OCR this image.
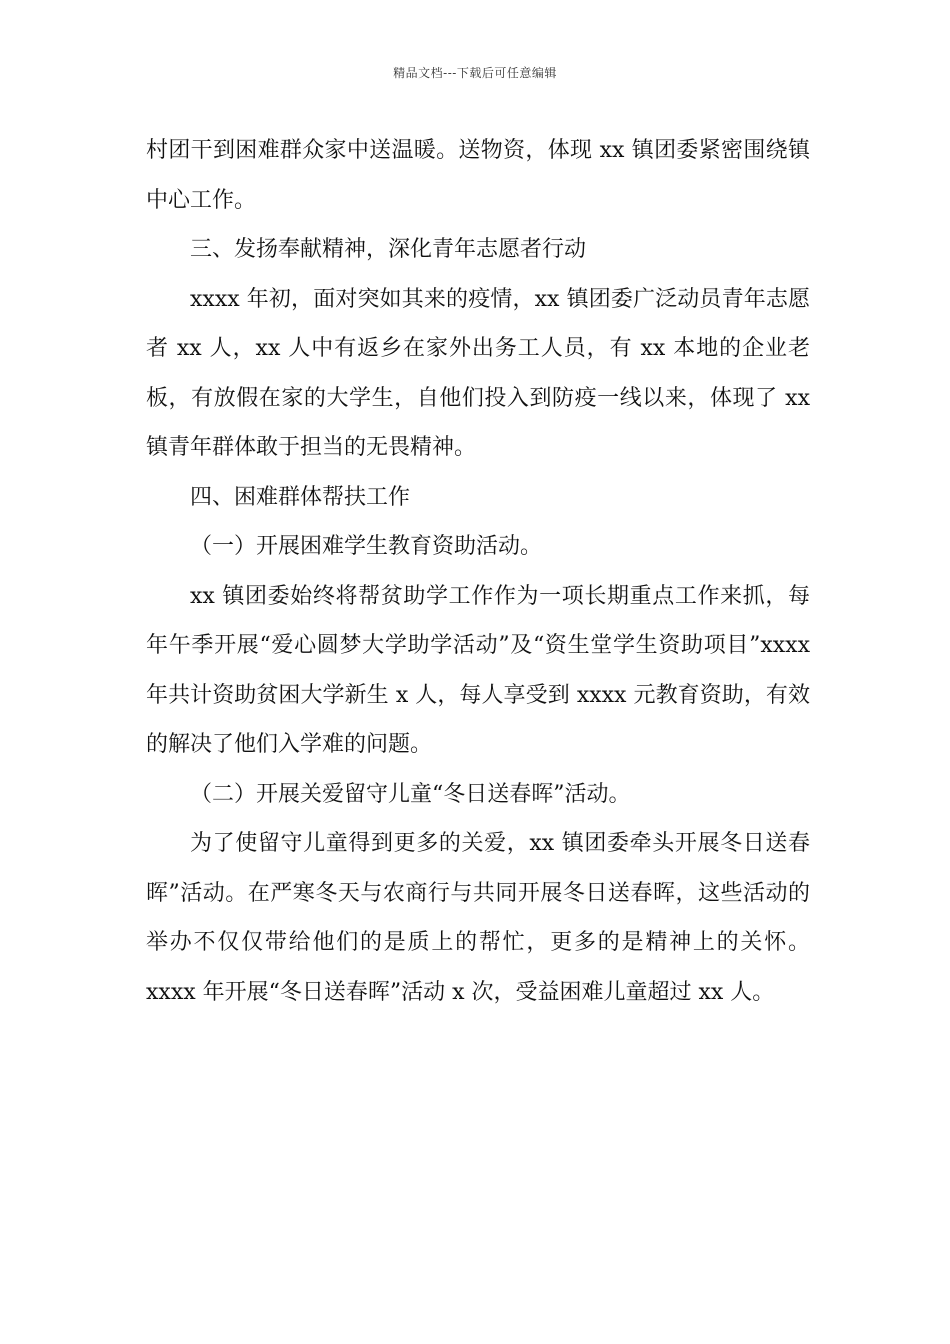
精品文档---下载后可任意编辑

村团干到困难群众家中送温暖。送物资，体现 xx 镇团委紧密围绕镇中心工作。

三、发扬奉献精神，深化青年志愿者行动

xxxx 年初，面对突如其来的疫情，xx 镇团委广泛动员青年志愿者 xx 人，xx 人中有返乡在家外出务工人员，有 xx 本地的企业老板，有放假在家的大学生，自他们投入到防疫一线以来，体现了 xx 镇青年群体敢于担当的无畏精神。

四、困难群体帮扶工作

（一）开展困难学生教育资助活动。

xx 镇团委始终将帮贫助学工作作为一项长期重点工作来抓，每年午季开展“爱心圆梦大学助学活动”及“资生堂学生资助项目”xxxx 年共计资助贫困大学新生 x 人，每人享受到 xxxx 元教育资助，有效的解决了他们入学难的问题。

（二）开展关爱留守儿童“冬日送春晖”活动。

为了使留守儿童得到更多的关爱，xx 镇团委牵头开展冬日送春晖”活动。在严寒冬天与农商行与共同开展冬日送春晖，这些活动的举办不仅仅带给他们的是质上的帮忙，更多的是精神上的关怀。xxxx 年开展“冬日送春晖”活动 x 次，受益困难儿童超过 xx 人。
